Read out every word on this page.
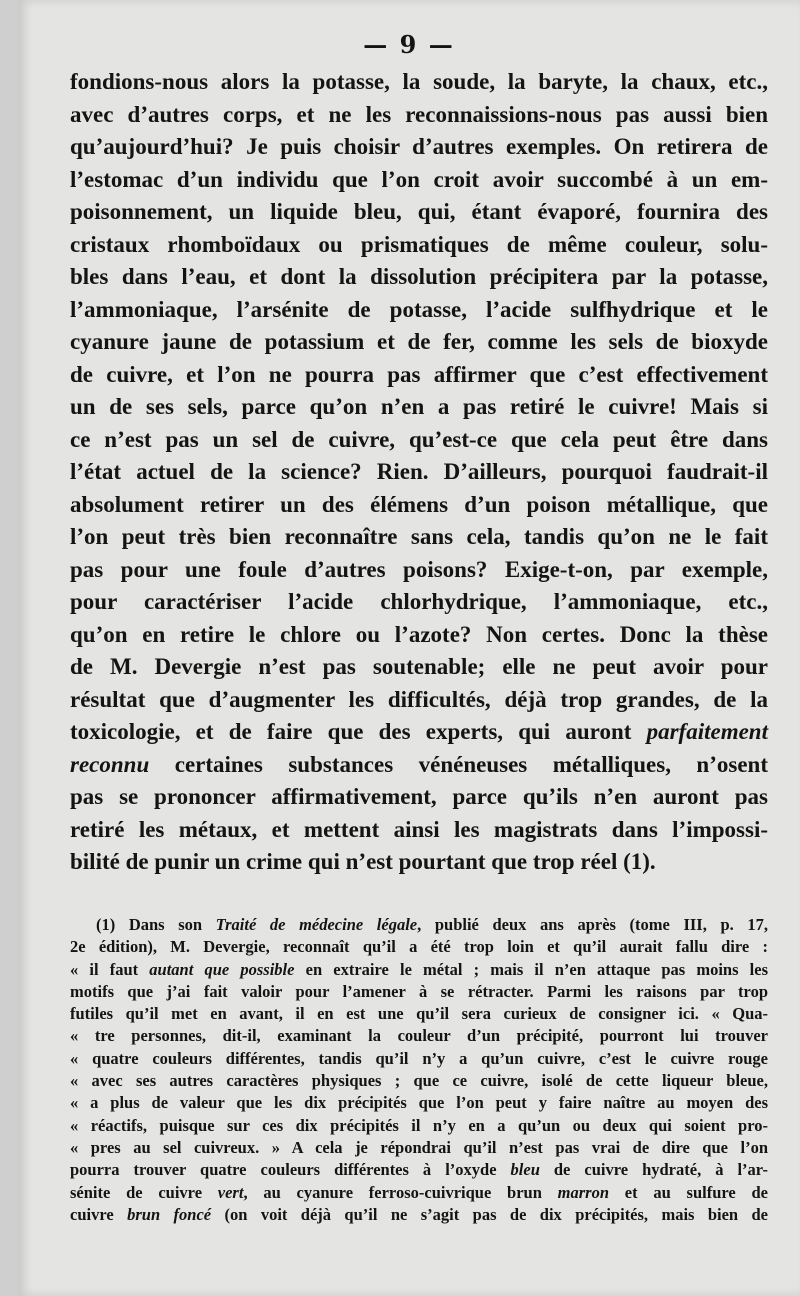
— 9 —
fondions-nous alors la potasse, la soude, la baryte, la chaux, etc.,
avec d’autres corps, et ne les reconnaissions-nous pas aussi bien
qu’aujourd’hui? Je puis choisir d’autres exemples. On retirera de
l’estomac d’un individu que l’on croit avoir succombé à un em-
poisonnement, un liquide bleu, qui, étant évaporé, fournira des
cristaux rhomboïdaux ou prismatiques de même couleur, solu-
bles dans l’eau, et dont la dissolution précipitera par la potasse,
l’ammoniaque, l’arsénite de potasse, l’acide sulfhydrique et le
cyanure jaune de potassium et de fer, comme les sels de bioxyde
de cuivre, et l’on ne pourra pas affirmer que c’est effectivement
un de ses sels, parce qu’on n’en a pas retiré le cuivre! Mais si
ce n’est pas un sel de cuivre, qu’est-ce que cela peut être dans
l’état actuel de la science? Rien. D’ailleurs, pourquoi faudrait-il
absolument retirer un des élémens d’un poison métallique, que
l’on peut très bien reconnaître sans cela, tandis qu’on ne le fait
pas pour une foule d’autres poisons? Exige-t-on, par exemple,
pour caractériser l’acide chlorhydrique, l’ammoniaque, etc.,
qu’on en retire le chlore ou l’azote? Non certes. Donc la thèse
de M. Devergie n’est pas soutenable; elle ne peut avoir pour
résultat que d’augmenter les difficultés, déjà trop grandes, de la
toxicologie, et de faire que des experts, qui auront parfaitement
reconnu certaines substances vénéneuses métalliques, n’osent
pas se prononcer affirmativement, parce qu’ils n’en auront pas
retiré les métaux, et mettent ainsi les magistrats dans l’impossi-
bilité de punir un crime qui n’est pourtant que trop réel (1).
(1) Dans son Traité de médecine légale, publié deux ans après (tome III, p. 17,
2e édition), M. Devergie, reconnaît qu’il a été trop loin et qu’il aurait fallu dire :
« il faut autant que possible en extraire le métal ; mais il n’en attaque pas moins les
motifs que j’ai fait valoir pour l’amener à se rétracter. Parmi les raisons par trop
futiles qu’il met en avant, il en est une qu’il sera curieux de consigner ici. « Qua-
« tre personnes, dit-il, examinant la couleur d’un précipité, pourront lui trouver
« quatre couleurs différentes, tandis qu’il n’y a qu’un cuivre, c’est le cuivre rouge
« avec ses autres caractères physiques ; que ce cuivre, isolé de cette liqueur bleue,
« a plus de valeur que les dix précipités que l’on peut y faire naître au moyen des
« réactifs, puisque sur ces dix précipités il n’y en a qu’un ou deux qui soient pro-
« pres au sel cuivreux. » A cela je répondrai qu’il n’est pas vrai de dire que l’on
pourra trouver quatre couleurs différentes à l’oxyde bleu de cuivre hydraté, à l’ar-
sénite de cuivre vert, au cyanure ferroso-cuivrique brun marron et au sulfure de
cuivre brun foncé (on voit déjà qu’il ne s’agit pas de dix précipités, mais bien de
